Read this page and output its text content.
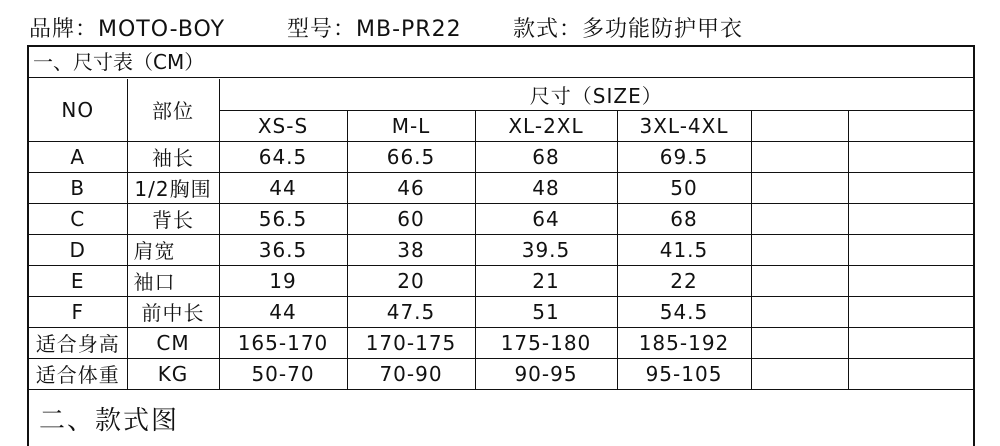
品牌：MOTO-BOY	型号：MB-PR22 款式：多功能防护甲衣
一、尺寸表（CM）
NO	部位	尺寸（SIZE）					
		XS-S	M-L	XL-2XL	3XL-4XL		
A	袖长	64.5	66.5	68	69.5		
B	1/2胸围	44	46	48	50		
C	背长	56.5	60	64	68		
D	肩宽	36.5	38	39.5	41.5		
E	袖口	19	20	21	22		
F	前中长	44	47.5	51	54.5		
适合身高	CM	165-170	170-175	175-180	185-192		
适合体重	KG	50-70	70-90	90-95	95-105		
二、款式图
